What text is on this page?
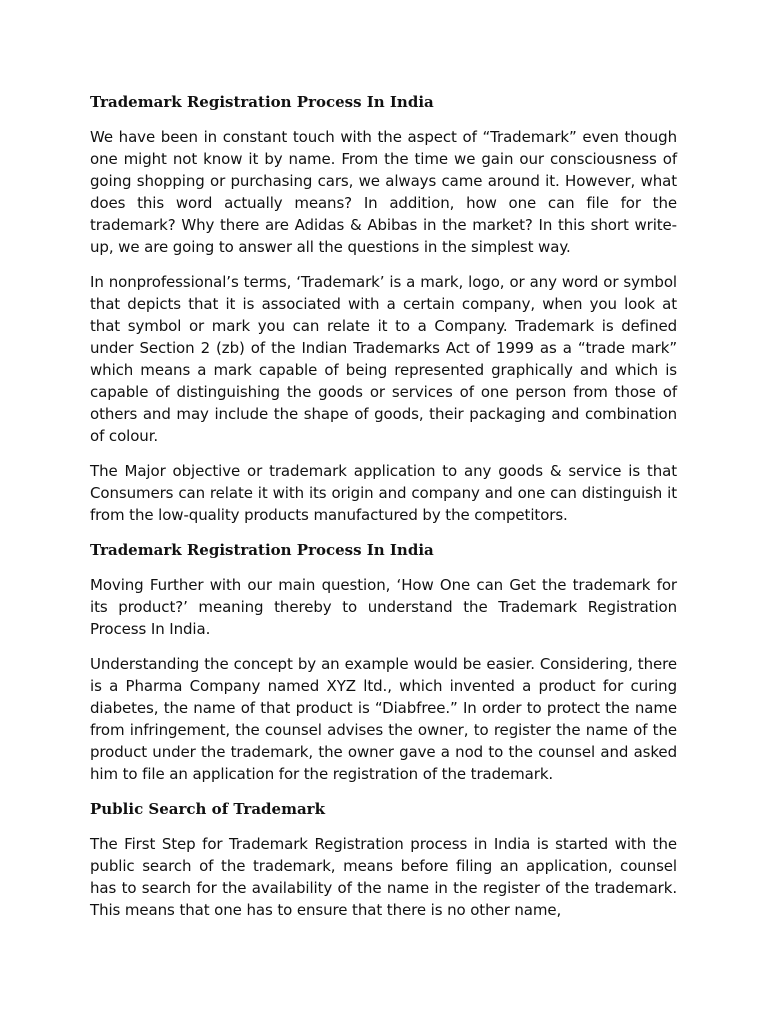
Trademark Registration Process In India

We have been in constant touch with the aspect of “Trademark” even though one might not know it by name. From the time we gain our consciousness of going shopping or purchasing cars, we always came around it. However, what does this word actually means? In addition, how one can file for the trademark? Why there are Adidas & Abibas in the market? In this short write-up, we are going to answer all the questions in the simplest way.

In nonprofessional’s terms, ‘Trademark’ is a mark, logo, or any word or symbol that depicts that it is associated with a certain company, when you look at that symbol or mark you can relate it to a Company. Trademark is defined under Section 2 (zb) of the Indian Trademarks Act of 1999 as a “trade mark” which means a mark capable of being represented graphically and which is capable of distinguishing the goods or services of one person from those of others and may include the shape of goods, their packaging and combination of colour.

The Major objective or trademark application to any goods & service is that Consumers can relate it with its origin and company and one can distinguish it from the low-quality products manufactured by the competitors.

Trademark Registration Process In India

Moving Further with our main question, ‘How One can Get the trademark for its product?’ meaning thereby to understand the Trademark Registration Process In India.

Understanding the concept by an example would be easier. Considering, there is a Pharma Company named XYZ ltd., which invented a product for curing diabetes, the name of that product is “Diabfree.” In order to protect the name from infringement, the counsel advises the owner, to register the name of the product under the trademark, the owner gave a nod to the counsel and asked him to file an application for the registration of the trademark.

Public Search of Trademark

The First Step for Trademark Registration process in India is started with the public search of the trademark, means before filing an application, counsel has to search for the availability of the name in the register of the trademark. This means that one has to ensure that there is no other name,
